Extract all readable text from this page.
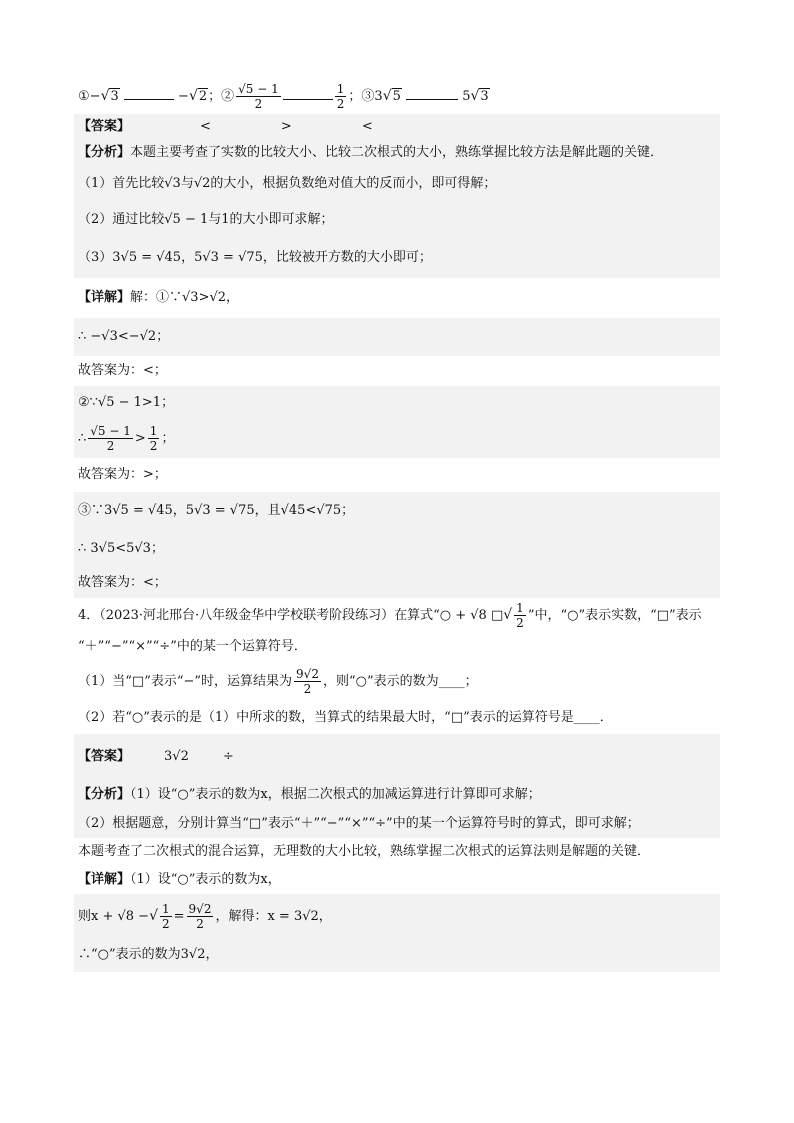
①−√3	−√2；② $\frac{√5 - 1}{2}$	$\frac{1}{2}$ ；③3√5	5√3
【答案】	<	>	<
【分析】本题主要考查了实数的比较大小、比较二次根式的大小，熟练掌握比较方法是解此题的关键．
（1）首先比较√3与√2的大小，根据负数绝对值大的反而小，即可得解；
（2）通过比较√5 − 1与1的大小即可求解；
（3）3√5 = √45，5√3 = √75，比较被开方数的大小即可；
【详解】解：①∵√3>√2，
∴ −√3<−√2；
故答案为：<；
②∵√5 − 1>1；
∴ $\frac{√5 - 1}{2} > \frac{1}{2}$ ；
故答案为：>；
③∵3√5 = √45，5√3 = √75，且√45<√75；
∴ 3√5<5√3；
故答案为：<；
4．（2023·河北邢台·八年级金华中学校联考阶段练习）在算式“○ + √8 □√ $\frac{1}{2}$ ”中，“○”表示实数，“□”表示
“＋”“−”“×”“÷”中的某一个运算符号．
（1）当“□”表示“−”时，运算结果为 $\frac{9√2}{2}$ ，则“○”表示的数为____；
（2）若“○”表示的是（1）中所求的数，当算式的结果最大时，“□”表示的运算符号是____．
【答案】	3√2	÷
【分析】（1）设“○”表示的数为x，根据二次根式的加减运算进行计算即可求解；
（2）根据题意，分别计算当“□”表示“＋”“−”“×”“÷”中的某一个运算符号时的算式，即可求解；
本题考查了二次根式的混合运算，无理数的大小比较，熟练掌握二次根式的运算法则是解题的关键．
【详解】（1）设“○”表示的数为x，
则x + √8 −√ $\frac{1}{2} = \frac{9√2}{2}$ ，解得：x = 3√2，
∴“○”表示的数为3√2，
